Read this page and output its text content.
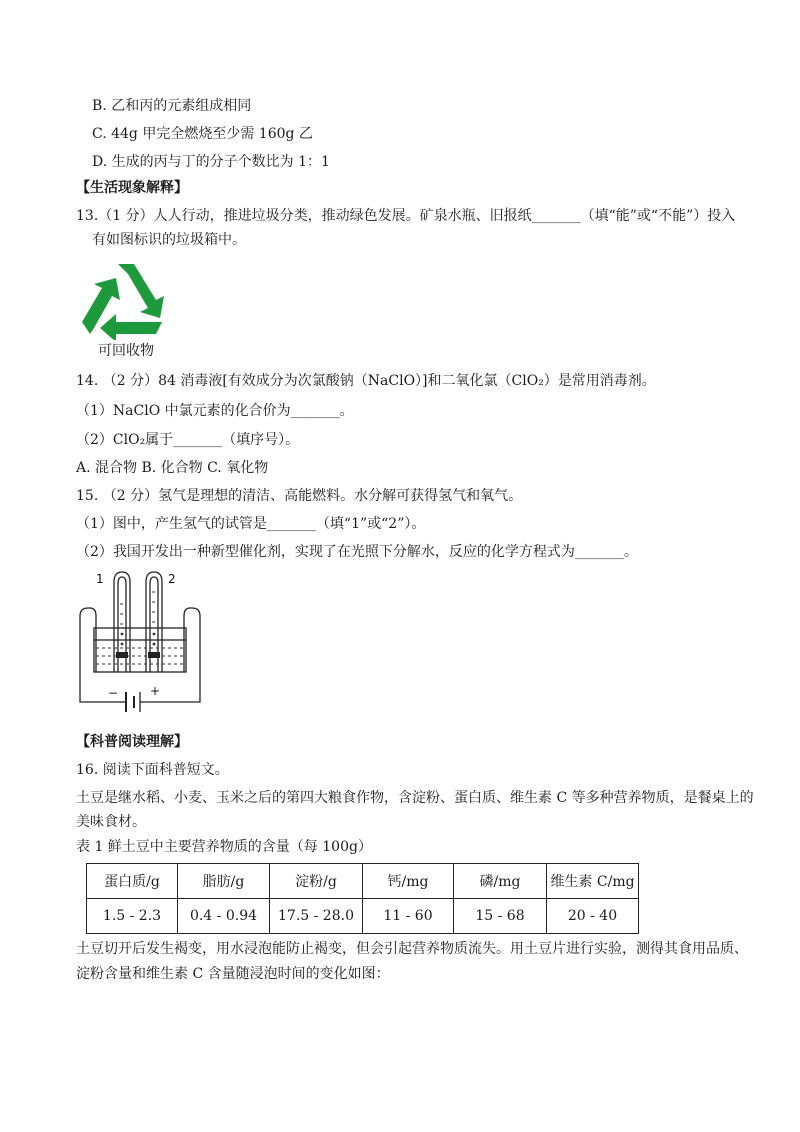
B. 乙和丙的元素组成相同
C. 44g 甲完全燃烧至少需 160g 乙
D. 生成的丙与丁的分子个数比为 1：1
【生活现象解释】
13.（1 分）人人行动，推进垃圾分类，推动绿色发展。矿泉水瓶、旧报纸_______（填“能”或“不能”）投入
有如图标识的垃圾箱中。
可回收物
14. （2 分）84 消毒液[有效成分为次氯酸钠（NaClO）]和二氧化氯（ClO₂）是常用消毒剂。
（1）NaClO 中氯元素的化合价为_______。
（2）ClO₂属于_______（填序号）。
A. 混合物 B. 化合物 C. 氧化物
15. （2 分）氢气是理想的清洁、高能燃料。水分解可获得氢气和氧气。
（1）图中，产生氢气的试管是_______（填“1”或“2”）。
（2）我国开发出一种新型催化剂，实现了在光照下分解水，反应的化学方程式为_______。
1	2
−	+
【科普阅读理解】
16. 阅读下面科普短文。
土豆是继水稻、小麦、玉米之后的第四大粮食作物，含淀粉、蛋白质、维生素 C 等多种营养物质，是餐桌上的
美味食材。
表 1 鲜土豆中主要营养物质的含量（每 100g）
蛋白质/g	脂肪/g	淀粉/g	钙/mg	磷/mg	维生素 C/mg
1.5 - 2.3	0.4 - 0.94	17.5 - 28.0	11 - 60	15 - 68	20 - 40
土豆切开后发生褐变，用水浸泡能防止褐变，但会引起营养物质流失。用土豆片进行实验，测得其食用品质、
淀粉含量和维生素 C 含量随浸泡时间的变化如图：
